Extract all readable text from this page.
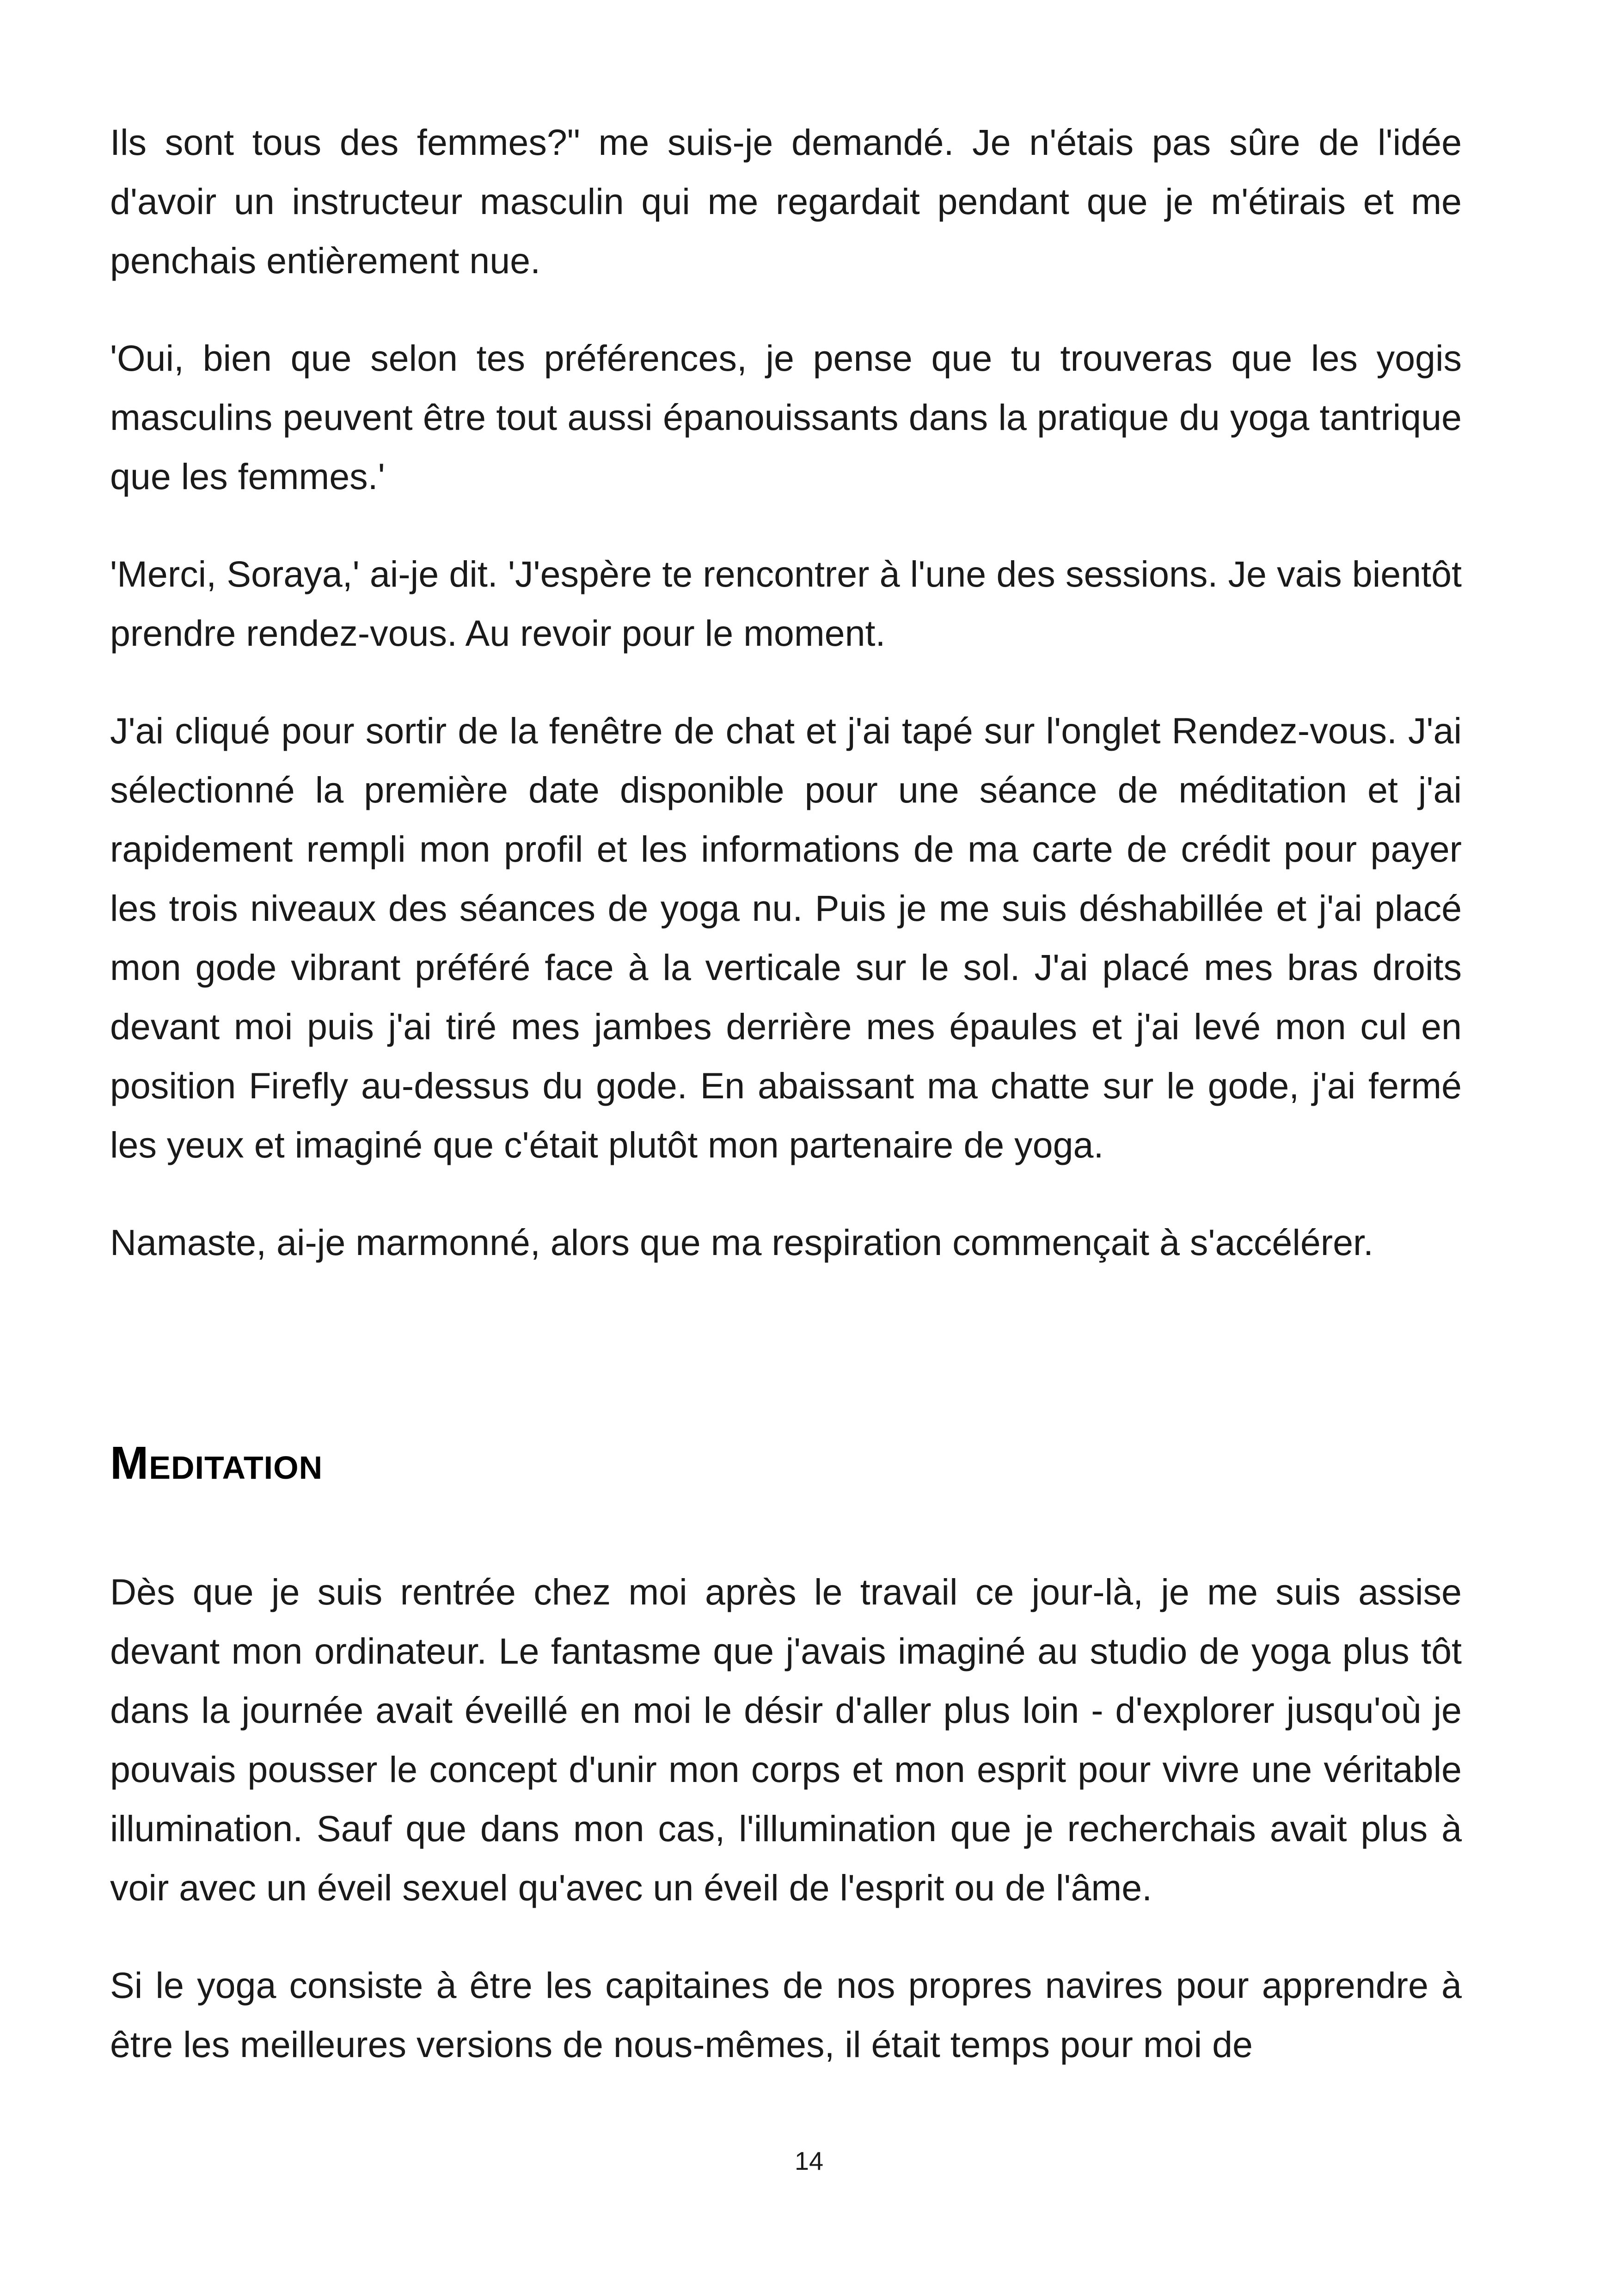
Ils sont tous des femmes?" me suis-je demandé. Je n'étais pas sûre de l'idée d'avoir un instructeur masculin qui me regardait pendant que je m'étirais et me penchais entièrement nue.

'Oui, bien que selon tes préférences, je pense que tu trouveras que les yogis masculins peuvent être tout aussi épanouissants dans la pratique du yoga tantrique que les femmes.'

'Merci, Soraya,' ai-je dit. 'J'espère te rencontrer à l'une des sessions. Je vais bientôt prendre rendez-vous. Au revoir pour le moment.

J'ai cliqué pour sortir de la fenêtre de chat et j'ai tapé sur l'onglet Rendez-vous. J'ai sélectionné la première date disponible pour une séance de méditation et j'ai rapidement rempli mon profil et les informations de ma carte de crédit pour payer les trois niveaux des séances de yoga nu. Puis je me suis déshabillée et j'ai placé mon gode vibrant préféré face à la verticale sur le sol. J'ai placé mes bras droits devant moi puis j'ai tiré mes jambes derrière mes épaules et j'ai levé mon cul en position Firefly au-dessus du gode. En abaissant ma chatte sur le gode, j'ai fermé les yeux et imaginé que c'était plutôt mon partenaire de yoga.

Namaste, ai-je marmonné, alors que ma respiration commençait à s'accélérer.

Meditation

Dès que je suis rentrée chez moi après le travail ce jour-là, je me suis assise devant mon ordinateur. Le fantasme que j'avais imaginé au studio de yoga plus tôt dans la journée avait éveillé en moi le désir d'aller plus loin - d'explorer jusqu'où je pouvais pousser le concept d'unir mon corps et mon esprit pour vivre une véritable illumination. Sauf que dans mon cas, l'illumination que je recherchais avait plus à voir avec un éveil sexuel qu'avec un éveil de l'esprit ou de l'âme.

Si le yoga consiste à être les capitaines de nos propres navires pour apprendre à être les meilleures versions de nous-mêmes, il était temps pour moi de

14
